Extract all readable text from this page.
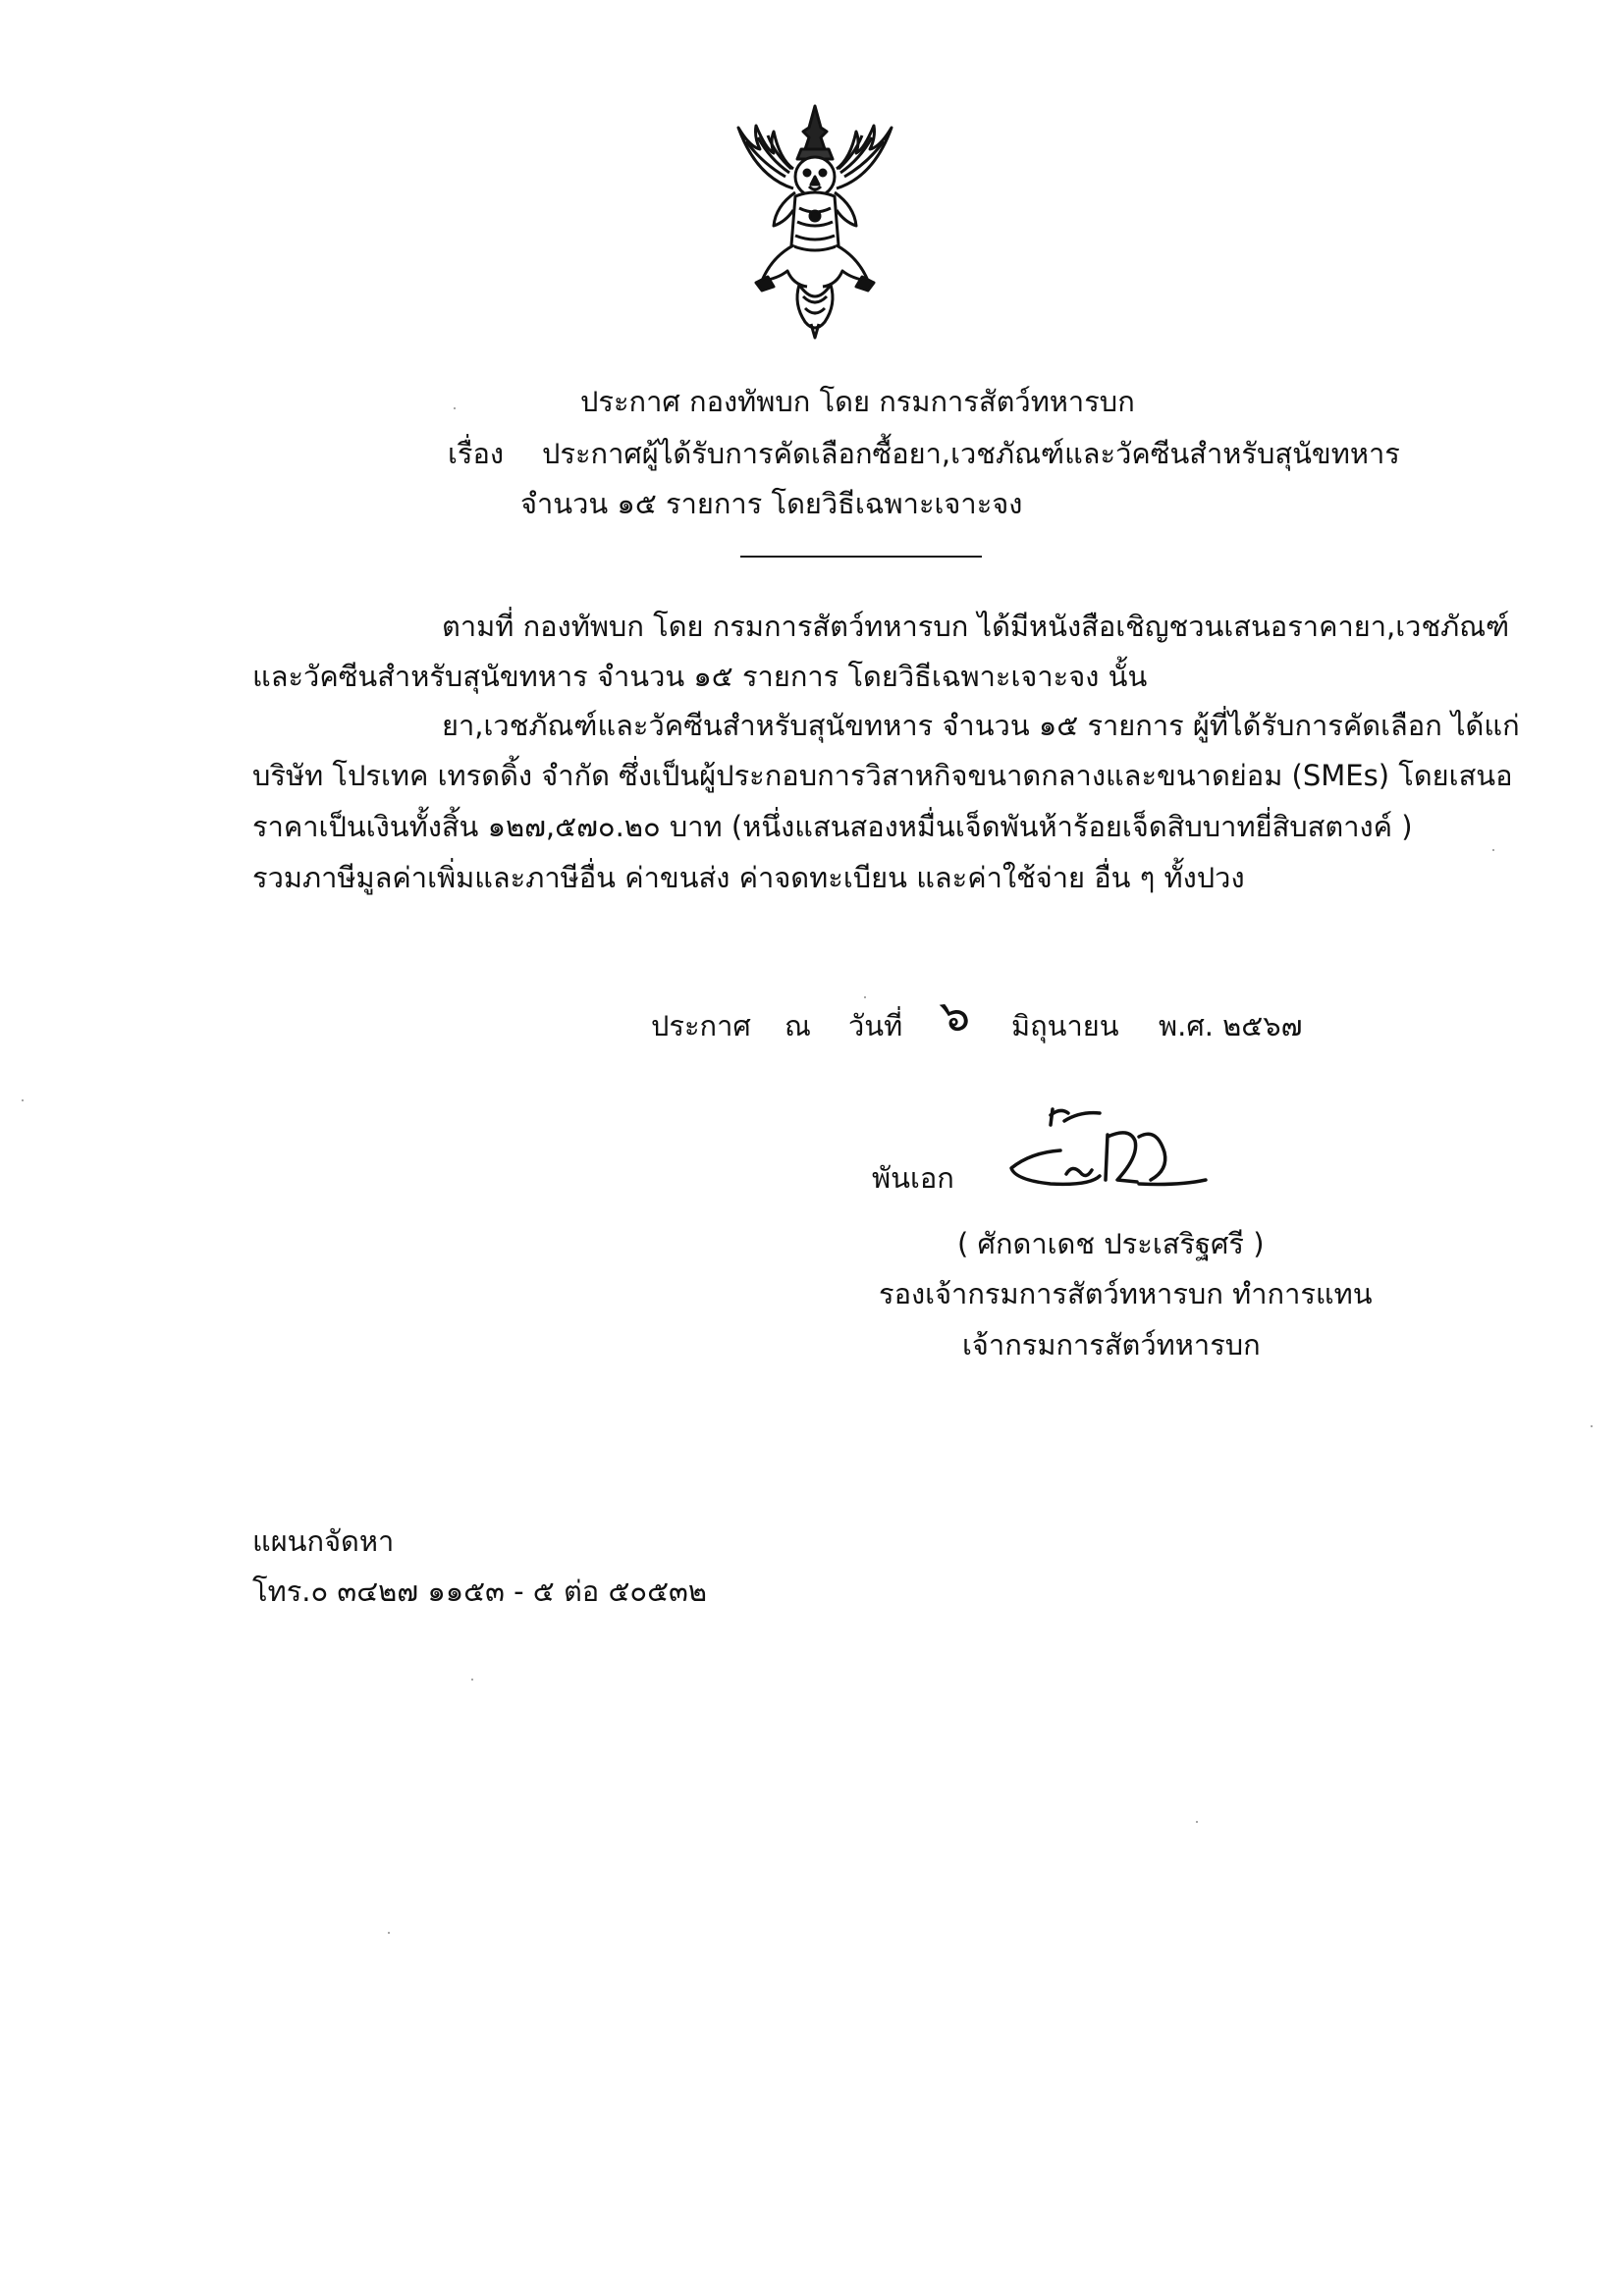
ประกาศ กองทัพบก โดย กรมการสัตว์ทหารบก
เรื่อง ประกาศผู้ได้รับการคัดเลือกซื้อยา,เวชภัณฑ์และวัคซีนสำหรับสุนัขทหาร
จำนวน ๑๕ รายการ โดยวิธีเฉพาะเจาะจง
ตามที่ กองทัพบก โดย กรมการสัตว์ทหารบก ได้มีหนังสือเชิญชวนเสนอราคายา,เวชภัณฑ์
และวัคซีนสำหรับสุนัขทหาร จำนวน ๑๕ รายการ โดยวิธีเฉพาะเจาะจง นั้น
ยา,เวชภัณฑ์และวัคซีนสำหรับสุนัขทหาร จำนวน ๑๕ รายการ ผู้ที่ได้รับการคัดเลือก ได้แก่
บริษัท โปรเทค เทรดดิ้ง จำกัด ซึ่งเป็นผู้ประกอบการวิสาหกิจขนาดกลางและขนาดย่อม (SMEs) โดยเสนอ
ราคาเป็นเงินทั้งสิ้น ๑๒๗,๕๗๐.๒๐ บาท (หนึ่งแสนสองหมื่นเจ็ดพันห้าร้อยเจ็ดสิบบาทยี่สิบสตางค์ )
รวมภาษีมูลค่าเพิ่มและภาษีอื่น ค่าขนส่ง ค่าจดทะเบียน และค่าใช้จ่าย อื่น ๆ ทั้งปวง
ประกาศ ณ วันที่ ๖ มิถุนายน พ.ศ. ๒๕๖๗
พันเอก
( ศักดาเดช ประเสริฐศรี )
รองเจ้ากรมการสัตว์ทหารบก ทำการแทน
เจ้ากรมการสัตว์ทหารบก
แผนกจัดหา
โทร.๐ ๓๔๒๗ ๑๑๕๓ - ๕ ต่อ ๕๐๕๓๒
